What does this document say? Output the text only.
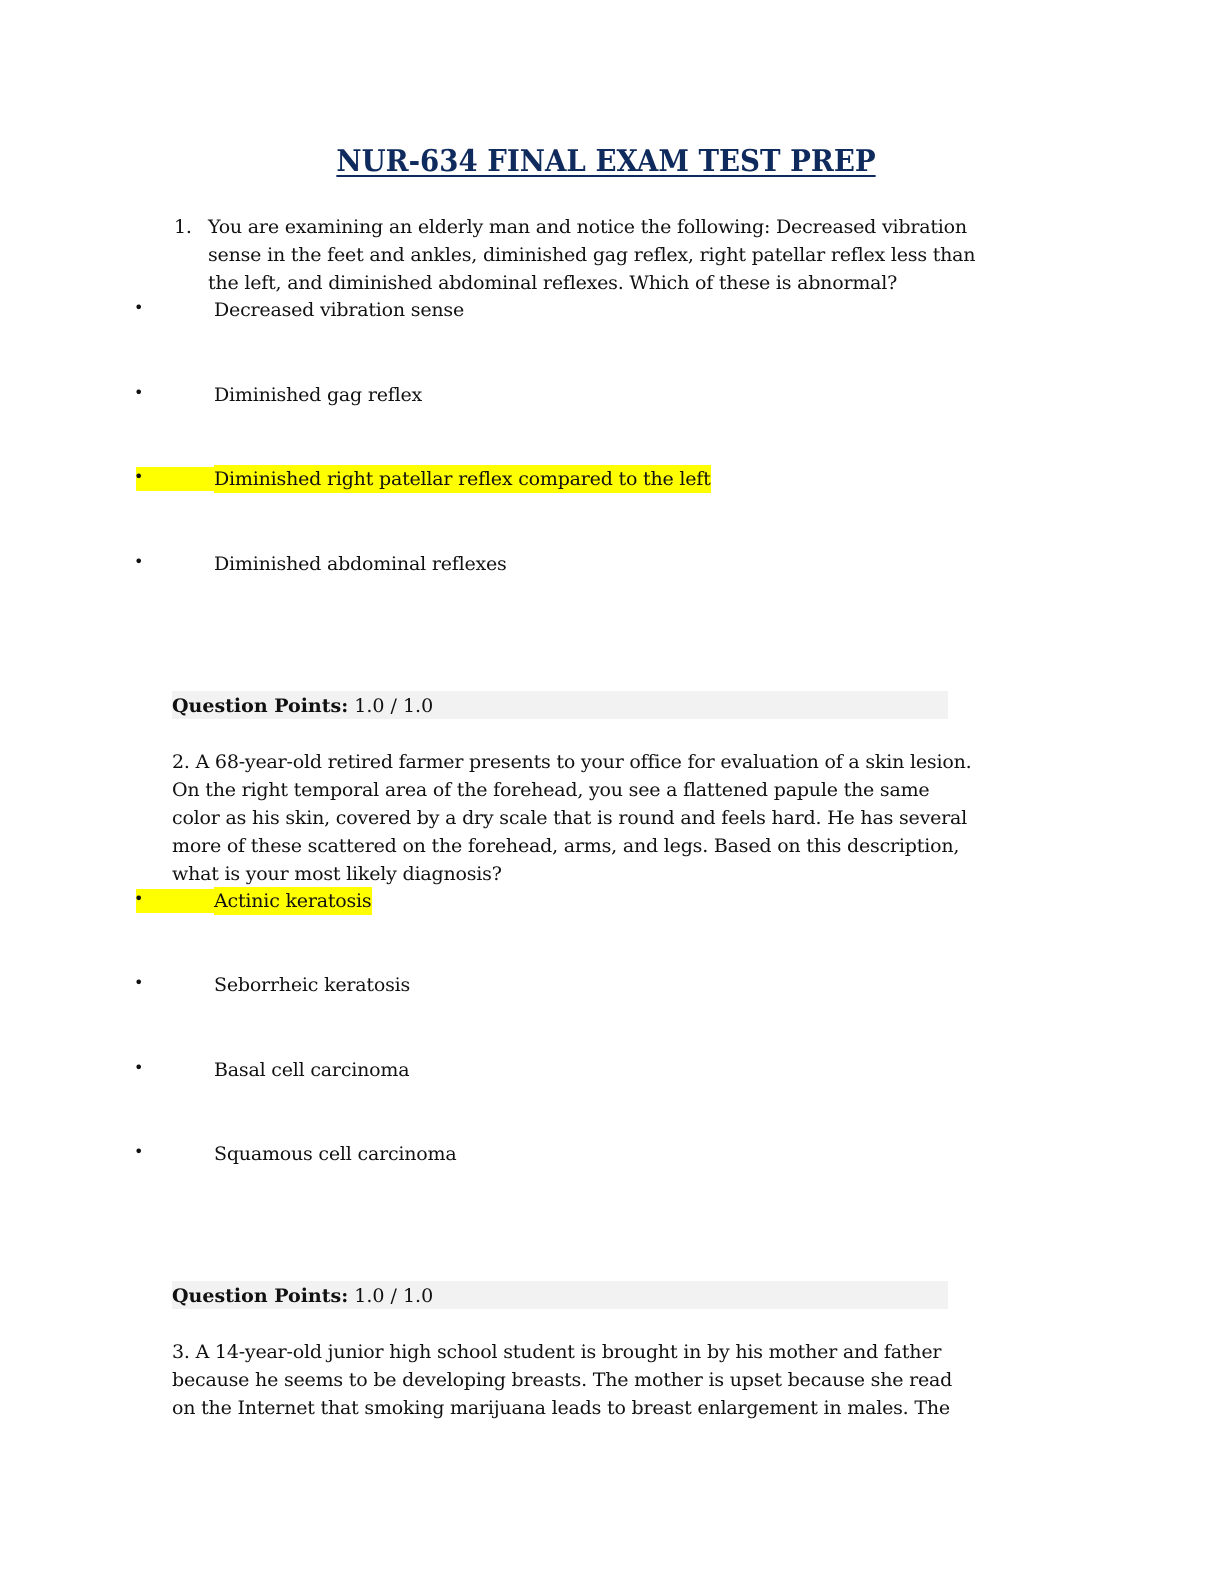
NUR-634 FINAL EXAM TEST PREP
1. You are examining an elderly man and notice the following: Decreased vibration
sense in the feet and ankles, diminished gag reflex, right patellar reflex less than
the left, and diminished abdominal reflexes. Which of these is abnormal?
•	Decreased vibration sense
•	Diminished gag reflex
•	Diminished right patellar reflex compared to the left
•	Diminished abdominal reflexes
Question Points: 1.0 / 1.0
2. A 68-year-old retired farmer presents to your office for evaluation of a skin lesion.
On the right temporal area of the forehead, you see a flattened papule the same
color as his skin, covered by a dry scale that is round and feels hard. He has several
more of these scattered on the forehead, arms, and legs. Based on this description,
what is your most likely diagnosis?
•	Actinic keratosis
•	Seborrheic keratosis
•	Basal cell carcinoma
•	Squamous cell carcinoma
Question Points: 1.0 / 1.0
3. A 14-year-old junior high school student is brought in by his mother and father
because he seems to be developing breasts. The mother is upset because she read
on the Internet that smoking marijuana leads to breast enlargement in males. The
